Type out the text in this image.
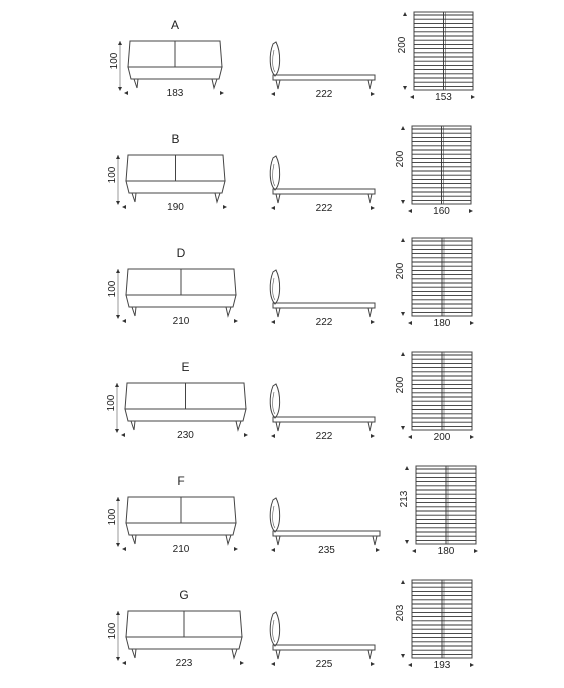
A
100
183	222
200
153
B
100
190	222
200
160
D
100
210	222
200
180
E
100
230	222
200
200
F
100
210	235
213
180
G
100
223	225
203
193
